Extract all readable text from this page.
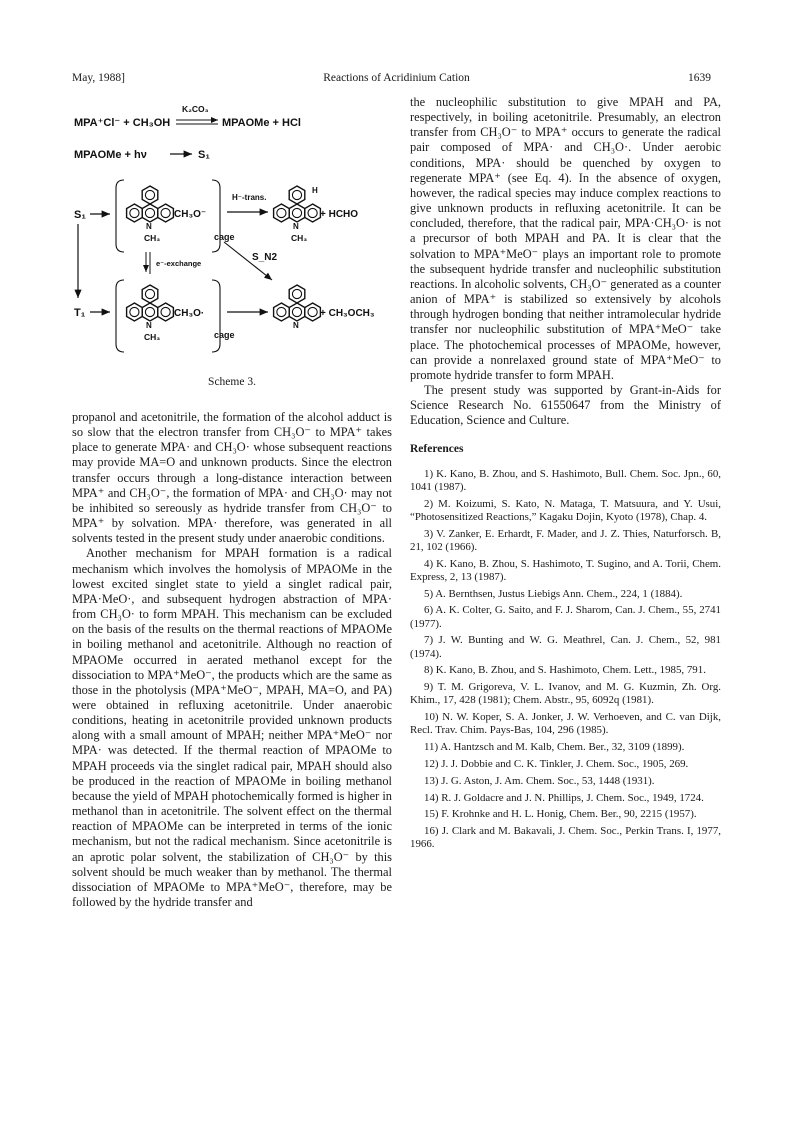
May, 1988]	Reactions of Acridinium Cation	1639
MPA⁺Cl⁻ + CH₃OH
K₂CO₃
MPAOMe + HCl
MPAOMe + hν	S₁
S₁
N
CH₃
CH₃O⁻
cage
H⁻-trans.
H
N
CH₃
+ HCHO
e⁻-exchange
S_N2
T₁
N
CH₃
CH₃O·
cage
N
+ CH₃OCH₃
Scheme 3.

propanol and acetonitrile, the formation of the alcohol adduct is so slow that the electron transfer from CH₃O⁻ to MPA⁺ takes place to generate MPA· and CH₃O· whose subsequent reactions may provide MA=O and unknown products. Since the electron transfer occurs through a long-distance interaction between MPA⁺ and CH₃O⁻, the formation of MPA· and CH₃O· may not be inhibited so sereously as hydride transfer from CH₃O⁻ to MPA⁺ by solvation. MPA· therefore, was generated in all solvents tested in the present study under anaerobic conditions.

Another mechanism for MPAH formation is a radical mechanism which involves the homolysis of MPAOMe in the lowest excited singlet state to yield a singlet radical pair, MPA·MeO·, and subsequent hydrogen abstraction of MPA· from CH₃O· to form MPAH. This mechanism can be excluded on the basis of the results on the thermal reactions of MPAOMe in boiling methanol and acetonitrile. Although no reaction of MPAOMe occurred in aerated methanol except for the dissociation to MPA⁺MeO⁻, the products which are the same as those in the photolysis (MPA⁺MeO⁻, MPAH, MA=O, and PA) were obtained in refluxing acetonitrile. Under anaerobic conditions, heating in acetonitrile provided unknown products along with a small amount of MPAH; neither MPA⁺MeO⁻ nor MPA· was detected. If the thermal reaction of MPAOMe to MPAH proceeds via the singlet radical pair, MPAH should also be produced in the reaction of MPAOMe in boiling methanol because the yield of MPAH photochemically formed is higher in methanol than in acetonitrile. The solvent effect on the thermal reaction of MPAOMe can be interpreted in terms of the ionic mechanism, but not the radical mechanism. Since acetonitrile is an aprotic polar solvent, the stabilization of CH₃O⁻ by this solvent should be much weaker than by methanol. The thermal dissociation of MPAOMe to MPA⁺MeO⁻, therefore, may be followed by the hydride transfer and

the nucleophilic substitution to give MPAH and PA, respectively, in boiling acetonitrile. Presumably, an electron transfer from CH₃O⁻ to MPA⁺ occurs to generate the radical pair composed of MPA· and CH₃O·. Under aerobic conditions, MPA· should be quenched by oxygen to regenerate MPA⁺ (see Eq. 4). In the absence of oxygen, however, the radical species may induce complex reactions to give unknown products in refluxing acetonitrile. It can be concluded, therefore, that the radical pair, MPA·CH₃O· is not a precursor of both MPAH and PA. It is clear that the solvation to MPA⁺MeO⁻ plays an important role to promote the subsequent hydride transfer and nucleophilic substitution reactions. In alcoholic solvents, CH₃O⁻ generated as a counter anion of MPA⁺ is stabilized so extensively by alcohols through hydrogen bonding that neither intramolecular hydride transfer nor nucleophilic substitution of MPA⁺MeO⁻ take place. The photochemical processes of MPAOMe, however, can provide a nonrelaxed ground state of MPA⁺MeO⁻ to promote hydride transfer to form MPAH.

The present study was supported by Grant-in-Aids for Science Research No. 61550647 from the Ministry of Education, Science and Culture.

References
1) K. Kano, B. Zhou, and S. Hashimoto, Bull. Chem. Soc. Jpn., 60, 1041 (1987).
2) M. Koizumi, S. Kato, N. Mataga, T. Matsuura, and Y. Usui, “Photosensitized Reactions,” Kagaku Dojin, Kyoto (1978), Chap. 4.
3) V. Zanker, E. Erhardt, F. Mader, and J. Z. Thies, Naturforsch. B, 21, 102 (1966).
4) K. Kano, B. Zhou, S. Hashimoto, T. Sugino, and A. Torii, Chem. Express, 2, 13 (1987).
5) A. Bernthsen, Justus Liebigs Ann. Chem., 224, 1 (1884).
6) A. K. Colter, G. Saito, and F. J. Sharom, Can. J. Chem., 55, 2741 (1977).
7) J. W. Bunting and W. G. Meathrel, Can. J. Chem., 52, 981 (1974).
8) K. Kano, B. Zhou, and S. Hashimoto, Chem. Lett., 1985, 791.
9) T. M. Grigoreva, V. L. Ivanov, and M. G. Kuzmin, Zh. Org. Khim., 17, 428 (1981); Chem. Abstr., 95, 6092q (1981).
10) N. W. Koper, S. A. Jonker, J. W. Verhoeven, and C. van Dijk, Recl. Trav. Chim. Pays-Bas, 104, 296 (1985).
11) A. Hantzsch and M. Kalb, Chem. Ber., 32, 3109 (1899).
12) J. J. Dobbie and C. K. Tinkler, J. Chem. Soc., 1905, 269.
13) J. G. Aston, J. Am. Chem. Soc., 53, 1448 (1931).
14) R. J. Goldacre and J. N. Phillips, J. Chem. Soc., 1949, 1724.
15) F. Krohnke and H. L. Honig, Chem. Ber., 90, 2215 (1957).
16) J. Clark and M. Bakavali, J. Chem. Soc., Perkin Trans. I, 1977, 1966.
